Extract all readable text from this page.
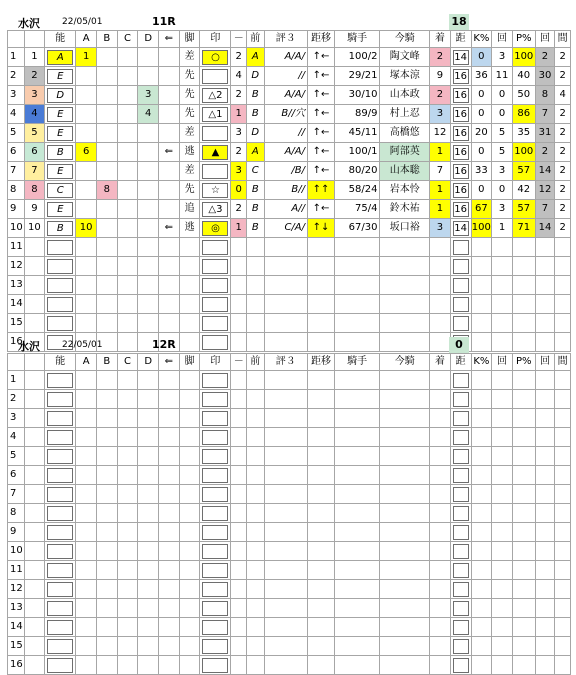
水沢 22/05/01	11R	18
		能	A	B	C	D	⇐	脚	印	－	前	評３	距移	騎手	今騎	着	距	K%	回	P%	回	間
1	1	A	1					差	○	2	A	A/A/	↑←	100/2	陶文峰	2	14	0	3	100	2	2
2	2	E						先		4	D	//	↑←	29/21	塚本涼	9	16	36	11	40	30	2
3	3	D				3		先	△2	2	B	A/A/	↑←	30/10	山本政	2	16	0	0	50	8	4
4	4	E				4		先	△1	1	B	B//穴	↑←	89/9	村上忍	3	16	0	0	86	7	2
5	5	E						差		3	D	//	↑←	45/11	高橋悠	12	16	20	5	35	31	2
6	6	B	6				⇐	逃	▲	2	A	A/A/	↑←	100/1	阿部英	1	16	0	5	100	2	2
7	7	E						差		3	C	/B/	↑←	80/20	山本聡	7	16	33	3	57	14	2
8	8	C		8				先	☆	0	B	B//	↑↑	58/24	岩本怜	1	16	0	0	42	12	2
9	9	E						追	△3	2	B	A//	↑←	75/4	鈴木祐	1	16	67	3	57	7	2
10	10	B	10				⇐	逃	◎	1	B	C/A/	↑↓	67/30	坂口裕	3	14	100	1	71	14	2
11		

12		

13		

14		

15		

16		

水沢 22/05/01	12R	0
		能	A	B	C	D	⇐	脚	印	－	前	評３	距移	騎手	今騎	着	距	K%	回	P%	回	間
1		

2		

3		

4		

5		

6		

7		

8		

9		

10		

11		

12		

13		

14		

15		

16		
